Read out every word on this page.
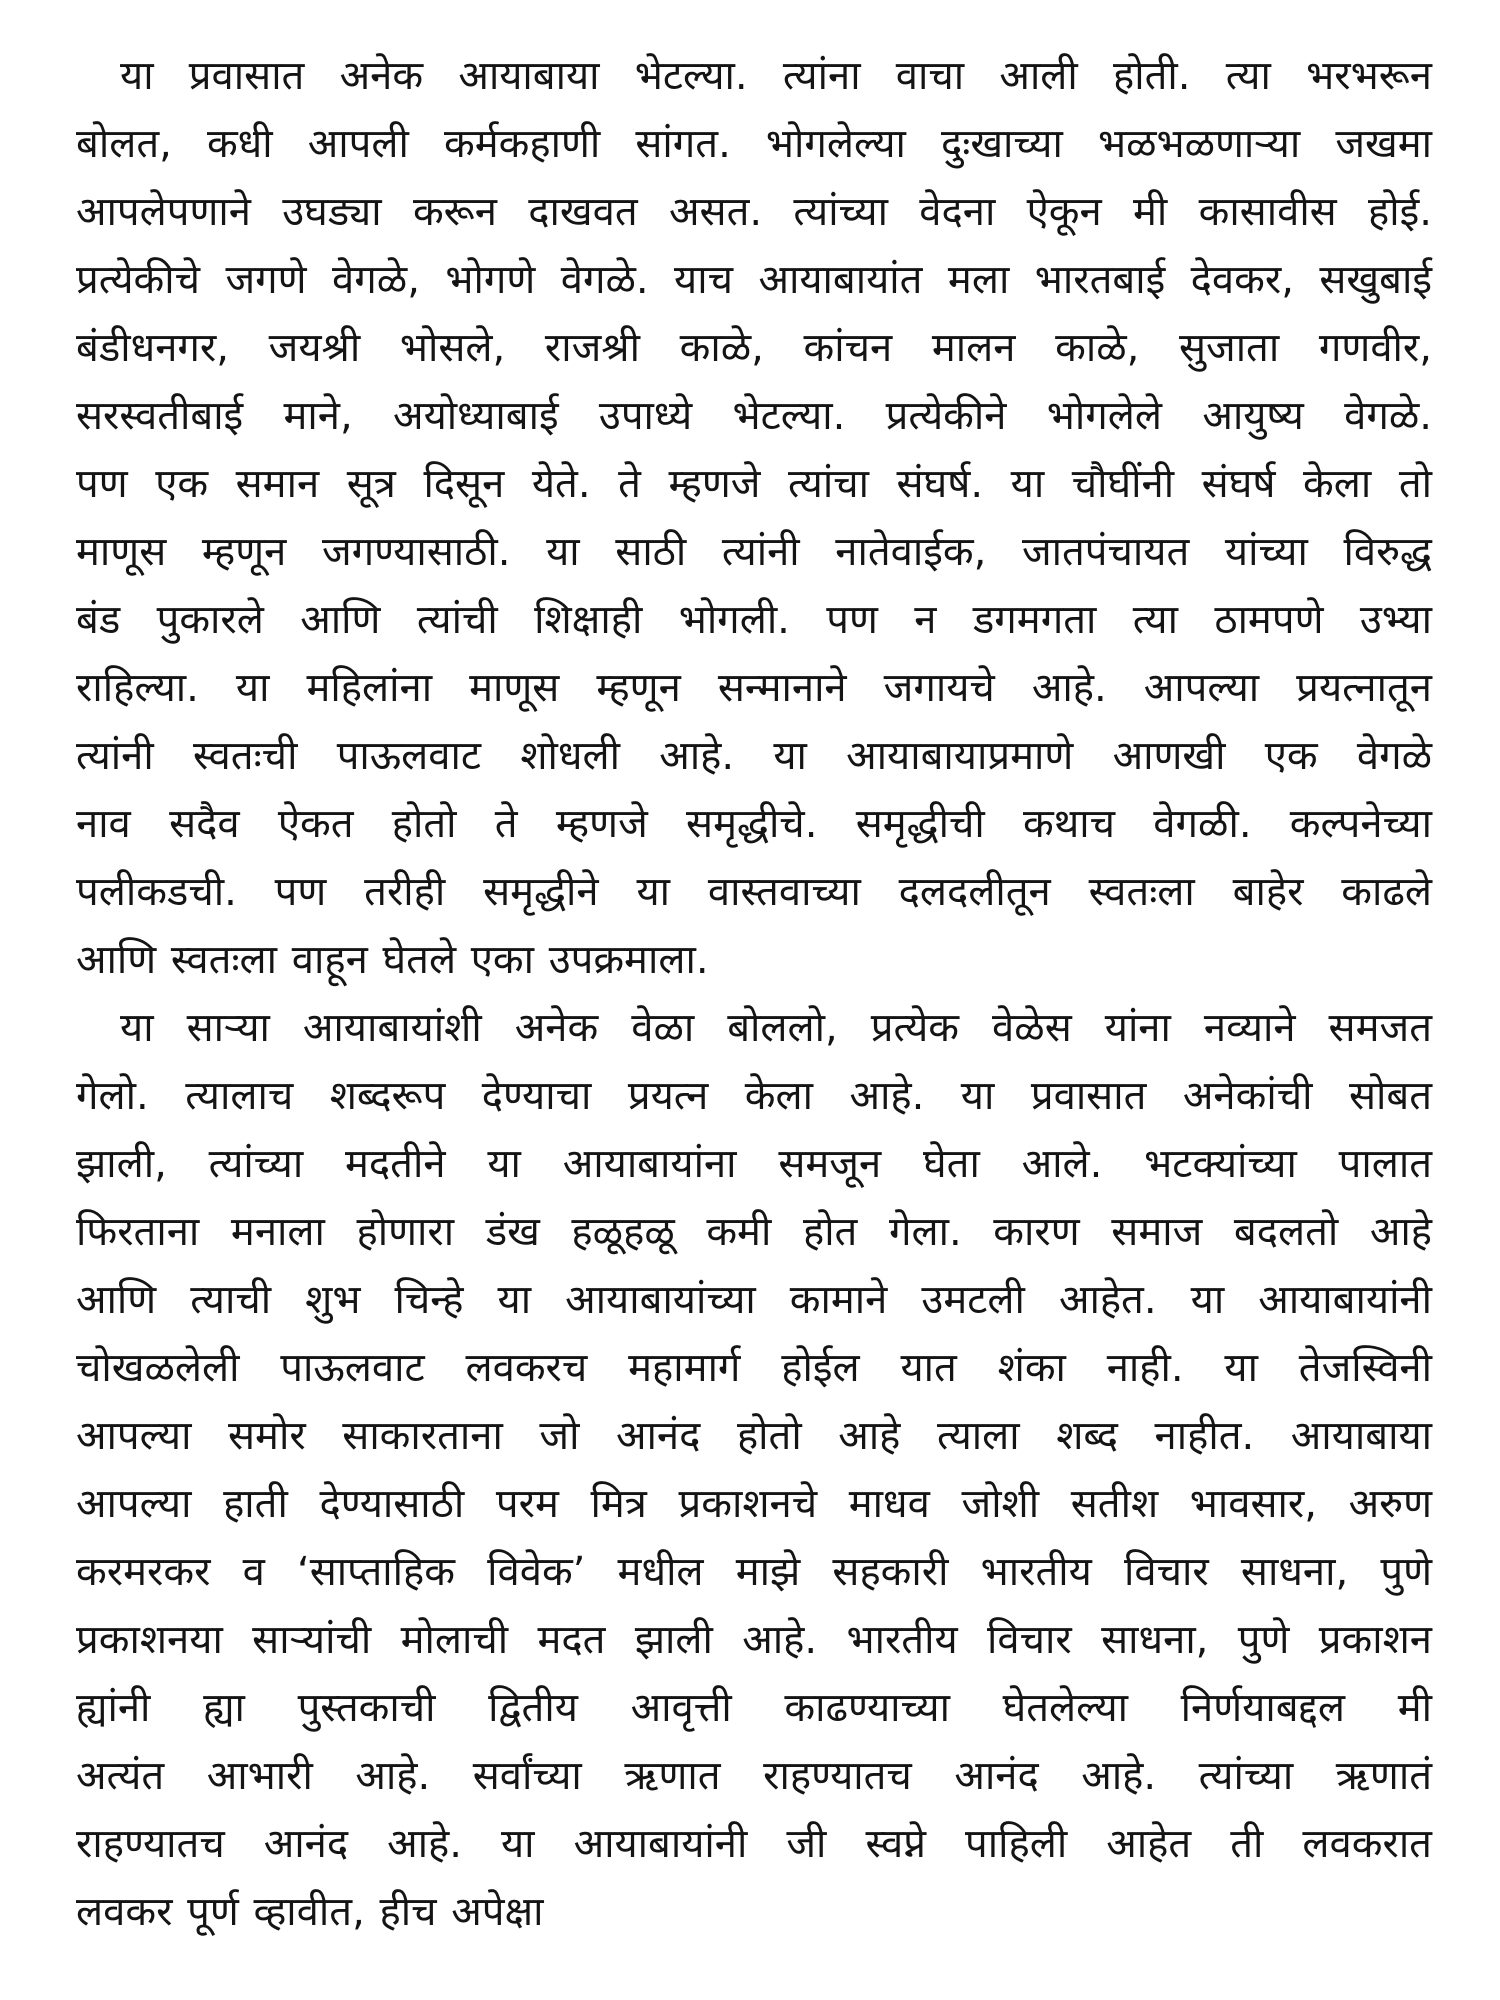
या प्रवासात अनेक आयाबाया भेटल्या. त्यांना वाचा आली होती. त्या भरभरून
बोलत, कधी आपली कर्मकहाणी सांगत. भोगलेल्या दुःखाच्या भळभळणाऱ्या जखमा
आपलेपणाने उघड्या करून दाखवत असत. त्यांच्या वेदना ऐकून मी कासावीस होई.
प्रत्येकीचे जगणे वेगळे, भोगणे वेगळे. याच आयाबायांत मला भारतबाई देवकर, सखुबाई
बंडीधनगर, जयश्री भोसले, राजश्री काळे, कांचन मालन काळे, सुजाता गणवीर,
सरस्वतीबाई माने, अयोध्याबाई उपाध्ये भेटल्या. प्रत्येकीने भोगलेले आयुष्य वेगळे.
पण एक समान सूत्र दिसून येते. ते म्हणजे त्यांचा संघर्ष. या चौघींनी संघर्ष केला तो
माणूस म्हणून जगण्यासाठी. या साठी त्यांनी नातेवाईक, जातपंचायत यांच्या विरुद्ध
बंड पुकारले आणि त्यांची शिक्षाही भोगली. पण न डगमगता त्या ठामपणे उभ्या
राहिल्या. या महिलांना माणूस म्हणून सन्मानाने जगायचे आहे. आपल्या प्रयत्नातून
त्यांनी स्वतःची पाऊलवाट शोधली आहे. या आयाबायाप्रमाणे आणखी एक वेगळे
नाव सदैव ऐकत होतो ते म्हणजे समृद्धीचे. समृद्धीची कथाच वेगळी. कल्पनेच्या
पलीकडची. पण तरीही समृद्धीने या वास्तवाच्या दलदलीतून स्वतःला बाहेर काढले
आणि स्वतःला वाहून घेतले एका उपक्रमाला.
या साऱ्या आयाबायांशी अनेक वेळा बोललो, प्रत्येक वेळेस यांना नव्याने समजत
गेलो. त्यालाच शब्दरूप देण्याचा प्रयत्न केला आहे. या प्रवासात अनेकांची सोबत
झाली, त्यांच्या मदतीने या आयाबायांना समजून घेता आले. भटक्यांच्या पालात
फिरताना मनाला होणारा डंख हळूहळू कमी होत गेला. कारण समाज बदलतो आहे
आणि त्याची शुभ चिन्हे या आयाबायांच्या कामाने उमटली आहेत. या आयाबायांनी
चोखळलेली पाऊलवाट लवकरच महामार्ग होईल यात शंका नाही. या तेजस्विनी
आपल्या समोर साकारताना जो आनंद होतो आहे त्याला शब्द नाहीत. आयाबाया
आपल्या हाती देण्यासाठी परम मित्र प्रकाशनचे माधव जोशी सतीश भावसार, अरुण
करमरकर व ‘साप्ताहिक विवेक’ मधील माझे सहकारी भारतीय विचार साधना, पुणे
प्रकाशनया साऱ्यांची मोलाची मदत झाली आहे. भारतीय विचार साधना, पुणे प्रकाशन
ह्यांनी ह्या पुस्तकाची द्वितीय आवृत्ती काढण्याच्या घेतलेल्या निर्णयाबद्दल मी
अत्यंत आभारी आहे. सर्वांच्या ऋणात राहण्यातच आनंद आहे. त्यांच्या ऋणातं
राहण्यातच आनंद आहे. या आयाबायांनी जी स्वप्ने पाहिली आहेत ती लवकरात
लवकर पूर्ण व्हावीत, हीच अपेक्षा
